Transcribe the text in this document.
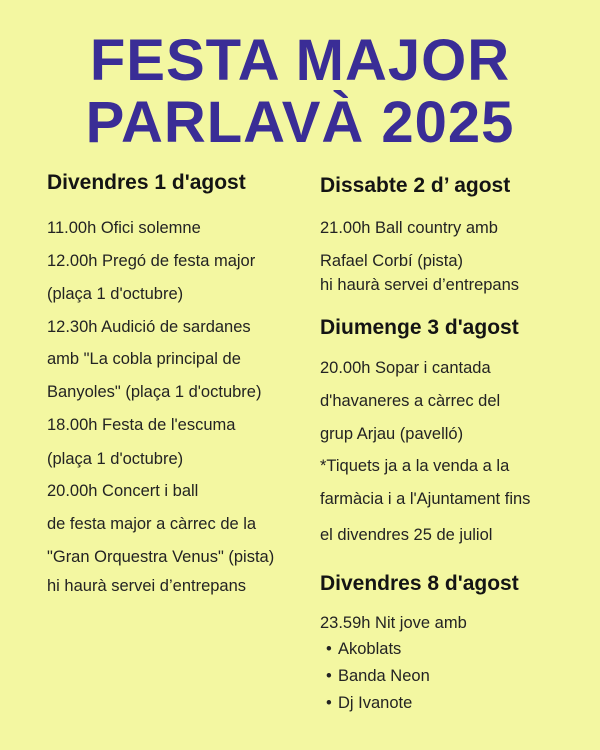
FESTA MAJOR
PARLAVÀ 2025
Divendres 1 d'agost
11.00h Ofici solemne
12.00h Pregó de festa major
(plaça 1 d'octubre)
12.30h Audició de sardanes
amb "La cobla principal de
Banyoles" (plaça 1 d'octubre)
18.00h Festa de l'escuma
(plaça 1 d'octubre)
20.00h Concert i ball
de festa major a càrrec de la
"Gran Orquestra Venus" (pista)
hi haurà servei d’entrepans
Dissabte 2 d’ agost
21.00h Ball country amb
Rafael Corbí (pista)
hi haurà servei d’entrepans
Diumenge 3 d'agost
20.00h Sopar i cantada
d'havaneres a càrrec del
grup Arjau (pavelló)
*Tiquets ja a la venda a la
farmàcia i a l'Ajuntament fins
el divendres 25 de juliol
Divendres 8 d'agost
23.59h Nit jove amb
• Akoblats
• Banda Neon
• Dj Ivanote
